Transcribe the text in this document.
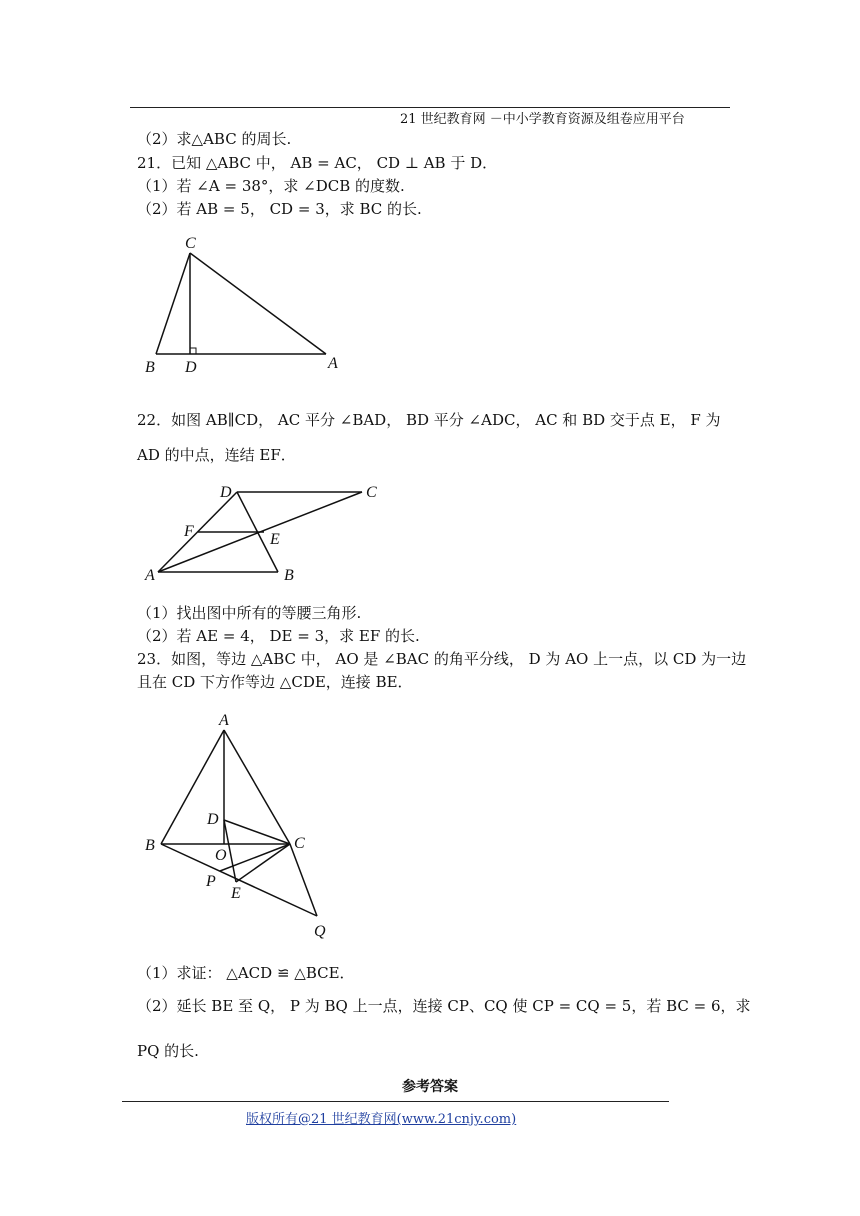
21 世纪教育网 －中小学教育资源及组卷应用平台
（2）求△ABC 的周长.
21．已知 △ABC 中， AB = AC， CD ⊥ AB 于 D．
（1）若 ∠A = 38°，求 ∠DCB 的度数.
（2）若 AB = 5， CD = 3，求 BC 的长.
C
B D	A
22．如图 AB∥CD， AC 平分 ∠BAD， BD 平分 ∠ADC， AC 和 BD 交于点 E， F 为
AD 的中点，连结 EF．
D	C
F	E
A	B
（1）找出图中所有的等腰三角形.
（2）若 AE = 4， DE = 3，求 EF 的长.
23．如图，等边 △ABC 中， AO 是 ∠BAC 的角平分线， D 为 AO 上一点，以 CD 为一边
且在 CD 下方作等边 △CDE，连接 BE．
A
D
B	C
O
P
E
Q
（1）求证： △ACD ≌ △BCE．
（2）延长 BE 至 Q， P 为 BQ 上一点，连接 CP、CQ 使 CP = CQ = 5，若 BC = 6，求
PQ 的长.
参考答案
版权所有@21 世纪教育网(www.21cnjy.com)
